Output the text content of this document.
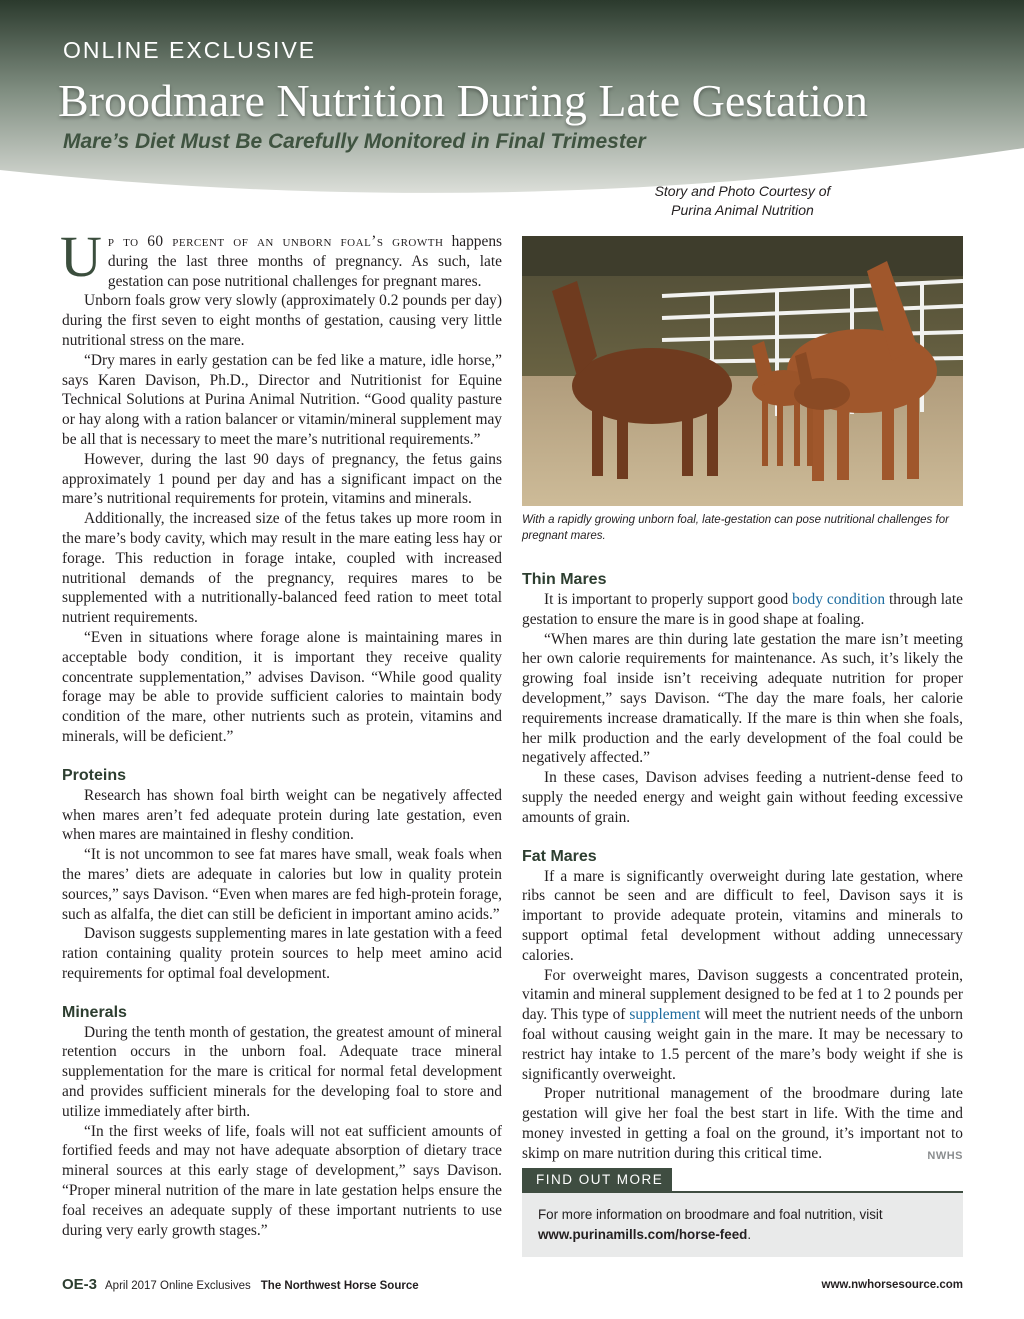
ONLINE EXCLUSIVE
Broodmare Nutrition During Late Gestation
Mare’s Diet Must Be Carefully Monitored in Final Trimester
Story and Photo Courtesy of
Purina Animal Nutrition

Up to 60 percent of an unborn foal’s growth happens during the last three months of pregnancy. As such, late gestation can pose nutritional challenges for pregnant mares.

Unborn foals grow very slowly (approximately 0.2 pounds per day) during the first seven to eight months of gestation, causing very little nutritional stress on the mare.

“Dry mares in early gestation can be fed like a mature, idle horse,” says Karen Davison, Ph.D., Director and Nutritionist for Equine Technical Solutions at Purina Animal Nutrition. “Good quality pasture or hay along with a ration balancer or vitamin/mineral supplement may be all that is necessary to meet the mare’s nutritional requirements.”

However, during the last 90 days of pregnancy, the fetus gains approximately 1 pound per day and has a significant impact on the mare’s nutritional requirements for protein, vitamins and minerals.

Additionally, the increased size of the fetus takes up more room in the mare’s body cavity, which may result in the mare eating less hay or forage. This reduction in forage intake, coupled with increased nutritional demands of the pregnancy, requires mares to be supplemented with a nutritionally-balanced feed ration to meet total nutrient requirements.

“Even in situations where forage alone is maintaining mares in acceptable body condition, it is important they receive quality concentrate supplementation,” advises Davison. “While good quality forage may be able to provide sufficient calories to maintain body condition of the mare, other nutrients such as protein, vitamins and minerals, will be deficient.”

Proteins

Research has shown foal birth weight can be negatively affected when mares aren’t fed adequate protein during late gestation, even when mares are maintained in fleshy condition.

“It is not uncommon to see fat mares have small, weak foals when the mares’ diets are adequate in calories but low in quality protein sources,” says Davison. “Even when mares are fed high-protein forage, such as alfalfa, the diet can still be deficient in important amino acids.”

Davison suggests supplementing mares in late gestation with a feed ration containing quality protein sources to help meet amino acid requirements for optimal foal development.

Minerals

During the tenth month of gestation, the greatest amount of mineral retention occurs in the unborn foal. Adequate trace mineral supplementation for the mare is critical for normal fetal development and provides sufficient minerals for the developing foal to store and utilize immediately after birth.

“In the first weeks of life, foals will not eat sufficient amounts of fortified feeds and may not have adequate absorption of dietary trace mineral sources at this early stage of development,” says Davison. “Proper mineral nutrition of the mare in late gestation helps ensure the foal receives an adequate supply of these important nutrients to use during very early growth stages.”

With a rapidly growing unborn foal, late-gestation can pose nutritional challenges for pregnant mares.
Thin Mares

It is important to properly support good body condition through late gestation to ensure the mare is in good shape at foaling.

“When mares are thin during late gestation the mare isn’t meeting her own calorie requirements for maintenance. As such, it’s likely the growing foal inside isn’t receiving adequate nutrition for proper development,” says Davison. “The day the mare foals, her calorie requirements increase dramatically. If the mare is thin when she foals, her milk production and the early development of the foal could be negatively affected.”

In these cases, Davison advises feeding a nutrient-dense feed to supply the needed energy and weight gain without feeding excessive amounts of grain.

Fat Mares

If a mare is significantly overweight during late gestation, where ribs cannot be seen and are difficult to feel, Davison says it is important to provide adequate protein, vitamins and minerals to support optimal fetal development without adding unnecessary calories.

For overweight mares, Davison suggests a concentrated protein, vitamin and mineral supplement designed to be fed at 1 to 2 pounds per day. This type of supplement will meet the nutrient needs of the unborn foal without causing weight gain in the mare. It may be necessary to restrict hay intake to 1.5 percent of the mare’s body weight if she is significantly overweight.

Proper nutritional management of the broodmare during late gestation will give her foal the best start in life. With the time and money invested in getting a foal on the ground, it’s important not to skimp on mare nutrition during this critical time.	NWHS

FIND OUT MORE
For more information on broodmare and foal nutrition, visit
www.purinamills.com/horse-feed.
OE-3 April 2017 Online Exclusives The Northwest Horse Source	www.nwhorsesource.com
